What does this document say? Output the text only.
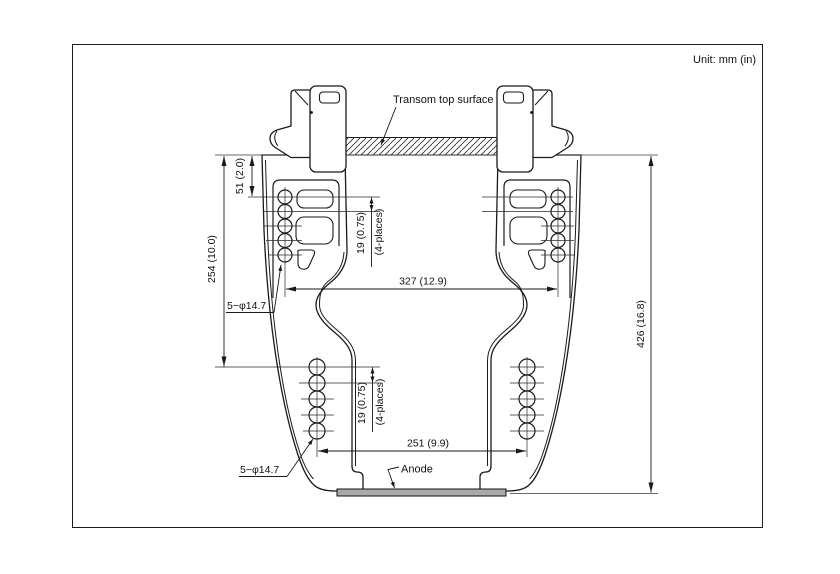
Unit: mm (in)
51 (2.0)
254 (10.0)
19 (0.75) (4-places)
327 (12.9)
19 (0.75) (4-places)
251 (9.9)
426 (16.8)
5−φ14.7
5−φ14.7
Transom top surface
Anode
